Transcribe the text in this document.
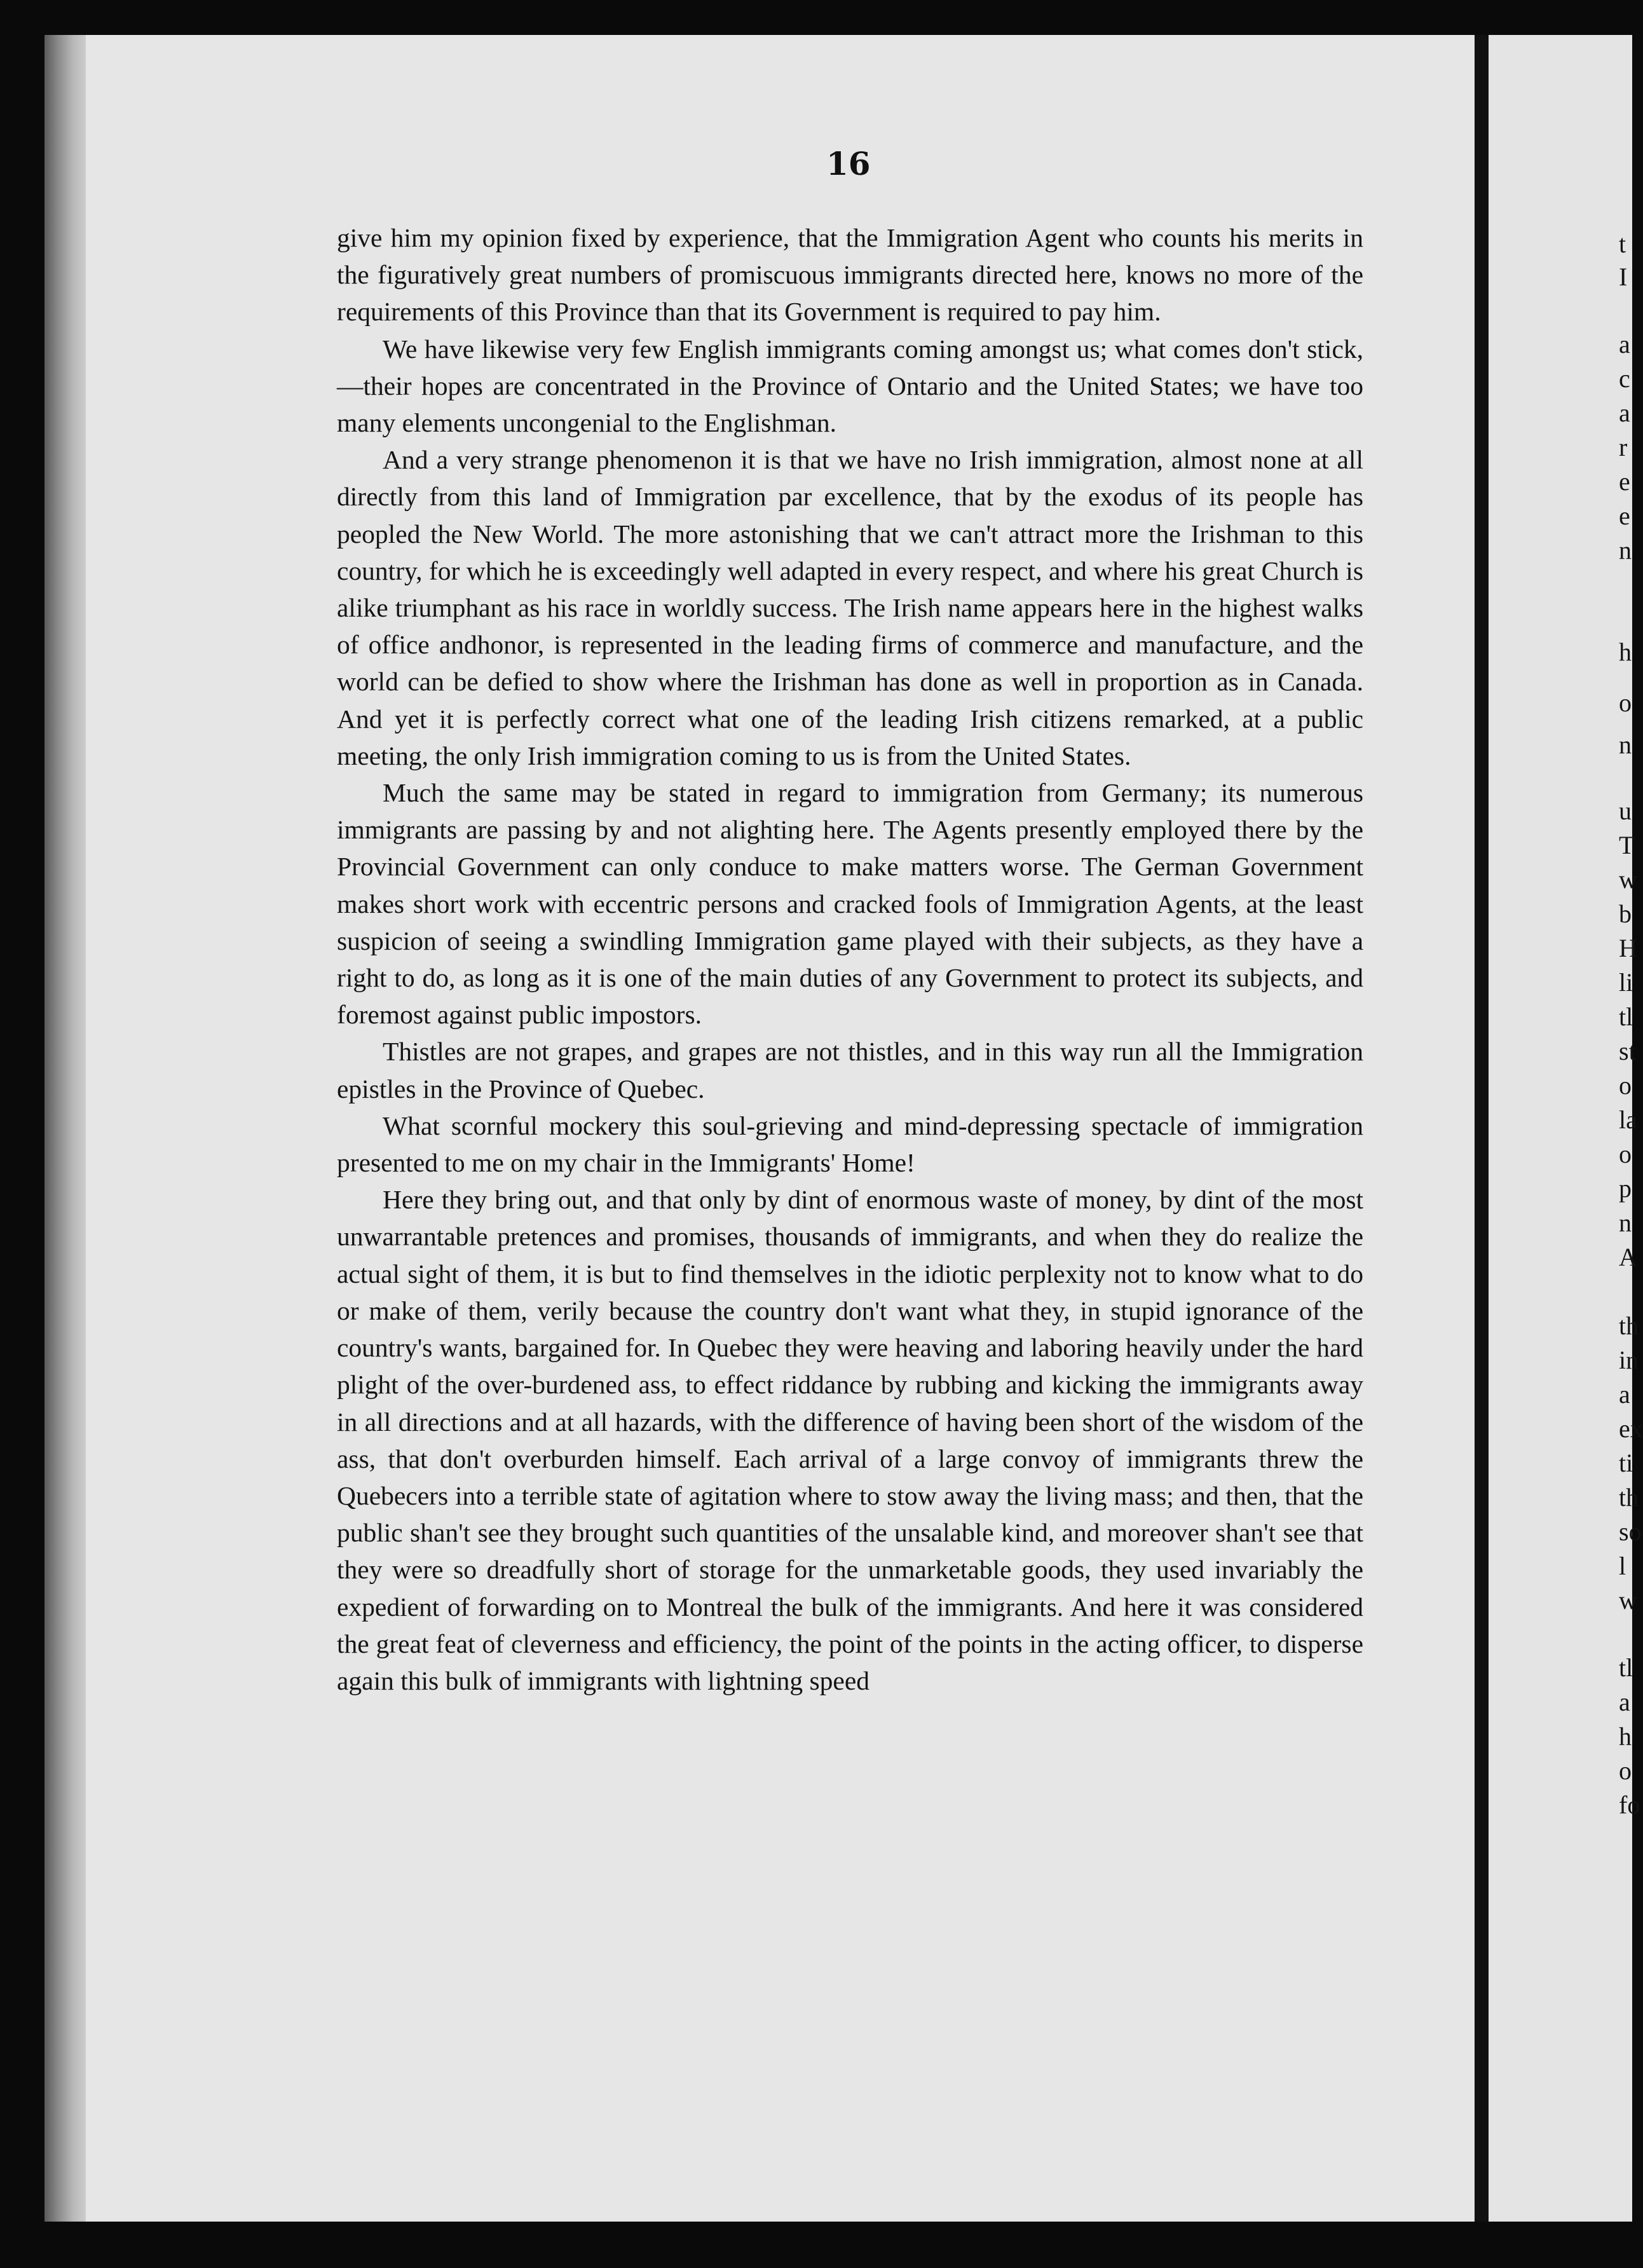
16

give him my opinion fixed by experience, that the Immigration Agent who counts his merits in the figuratively great numbers of promiscuous immigrants directed here, knows no more of the requirements of this Province than that its Government is required to pay him.

We have likewise very few English immigrants coming amongst us; what comes don't stick,—their hopes are concentrated in the Province of Ontario and the United States; we have too many elements uncongenial to the Englishman.

And a very strange phenomenon it is that we have no Irish immigration, almost none at all directly from this land of Immigration par excellence, that by the exodus of its people has peopled the New World. The more astonishing that we can't attract more the Irishman to this country, for which he is exceedingly well adapted in every respect, and where his great Church is alike triumphant as his race in worldly success. The Irish name appears here in the highest walks of office andhonor, is represented in the leading firms of commerce and manufacture, and the world can be defied to show where the Irishman has done as well in proportion as in Canada. And yet it is perfectly correct what one of the leading Irish citizens remarked, at a public meeting, the only Irish immigration coming to us is from the United States.

Much the same may be stated in regard to immigration from Germany; its numerous immigrants are passing by and not alighting here. The Agents presently employed there by the Provincial Government can only conduce to make matters worse. The German Government makes short work with eccentric persons and cracked fools of Immigration Agents, at the least suspicion of seeing a swindling Immigration game played with their subjects, as they have a right to do, as long as it is one of the main duties of any Government to protect its subjects, and foremost against public impostors.

Thistles are not grapes, and grapes are not thistles, and in this way run all the Immigration epistles in the Province of Quebec.

What scornful mockery this soul-grieving and mind-depressing spectacle of immigration presented to me on my chair in the Immigrants' Home!

Here they bring out, and that only by dint of enormous waste of money, by dint of the most unwarrantable pretences and promises, thousands of immigrants, and when they do realize the actual sight of them, it is but to find themselves in the idiotic perplexity not to know what to do or make of them, verily because the country don't want what they, in stupid ignorance of the country's wants, bargained for. In Quebec they were heaving and laboring heavily under the hard plight of the over-burdened ass, to effect riddance by rubbing and kicking the immigrants away in all directions and at all hazards, with the difference of having been short of the wisdom of the ass, that don't overburden himself. Each arrival of a large convoy of immigrants threw the Quebecers into a terrible state of agitation where to stow away the living mass; and then, that the public shan't see they brought such quantities of the unsalable kind, and moreover shan't see that they were so dreadfully short of storage for the unmarketable goods, they used invariably the expedient of forwarding on to Montreal the bulk of the immigrants. And here it was considered the great feat of cleverness and efficiency, the point of the points in the acting officer, to disperse again this bulk of immigrants with lightning speed

t
I
a
c
a
r
e
e
n
h
o
n
u
T
w
b
H
li
tl
st
o
la
o
p
n
A
th
in
a
ex
ti
th
so
l
w
tl
a
h
o
fo
